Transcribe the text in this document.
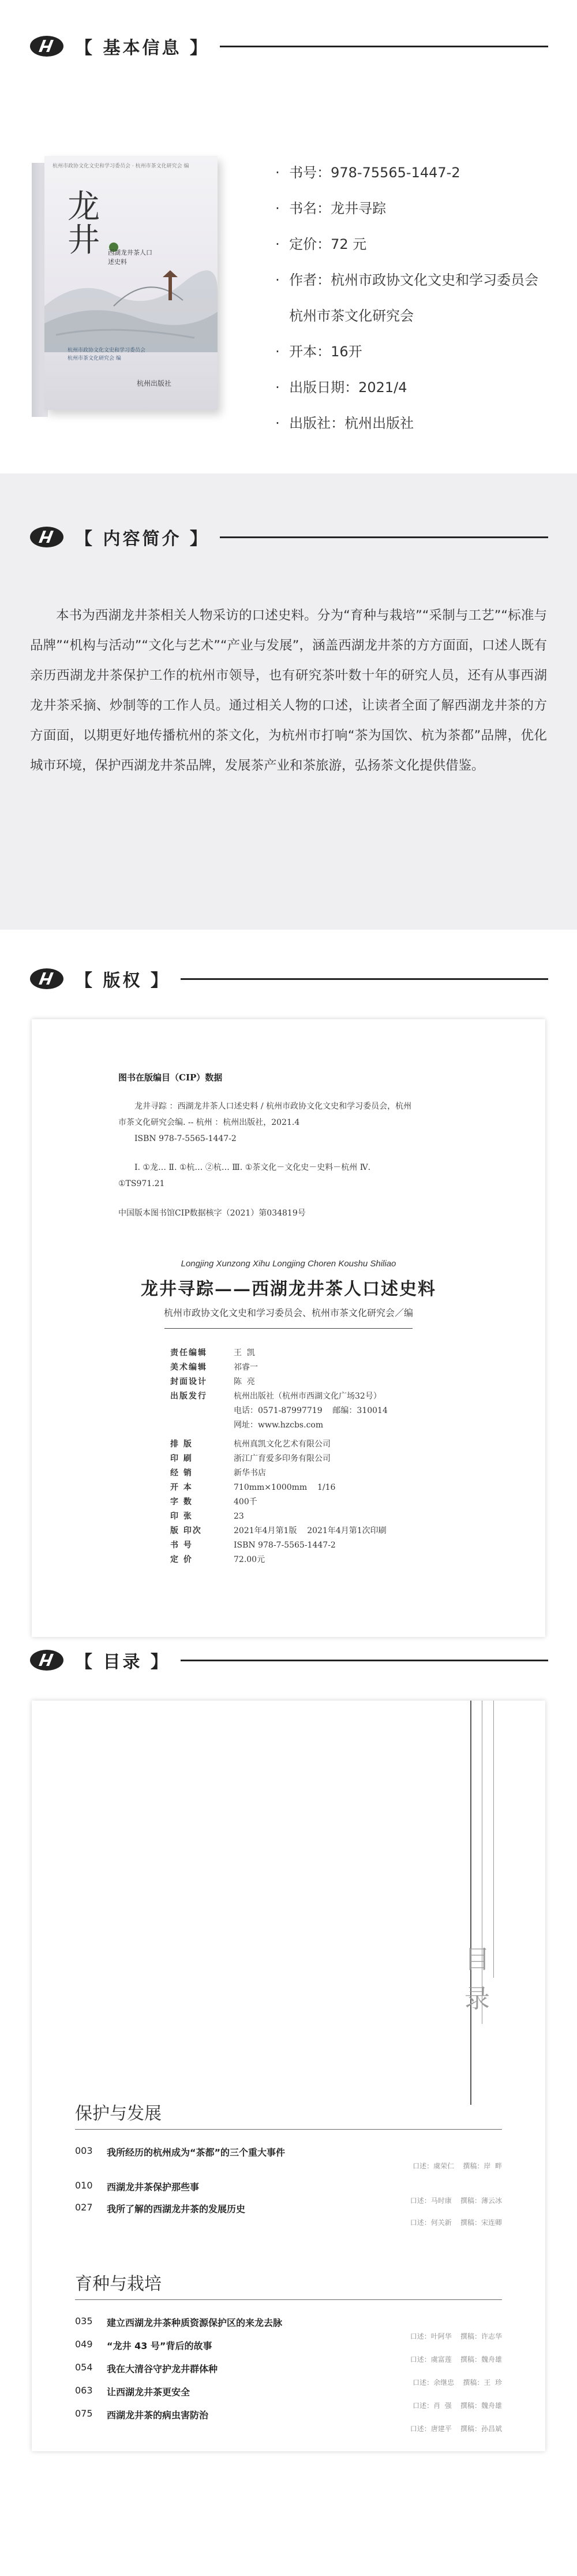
【 基本信息 】
杭州市政协文化文史和学习委员会 · 杭州市茶文化研究会 编
龙井	西湖龙井茶人口述史料
杭州市政协文化文史和学习委员会 杭州市茶文化研究会 编
杭州出版社
· 书号：978-75565-1447-2
· 书名：龙井寻踪
· 定价：72 元
· 作者：杭州市政协文化文史和学习委员会 杭州市茶文化研究会
· 开本：16开
· 出版日期：2021/4
· 出版社：杭州出版社
【 内容简介 】

本书为西湖龙井茶相关人物采访的口述史料。分为“育种与栽培”“采制与工艺”“标准与品牌”“机构与活动”“文化与艺术”“产业与发展”，涵盖西湖龙井茶的方方面面，口述人既有亲历西湖龙井茶保护工作的杭州市领导，也有研究茶叶数十年的研究人员，还有从事西湖龙井茶采摘、炒制等的工作人员。通过相关人物的口述，让读者全面了解西湖龙井茶的方方面面，以期更好地传播杭州的茶文化，为杭州市打响“茶为国饮、杭为茶都”品牌，优化城市环境，保护西湖龙井茶品牌，发展茶产业和茶旅游，弘扬茶文化提供借鉴。

【 版权 】
图书在版编目（CIP）数据
龙井寻踪 ：西湖龙井茶人口述史料 / 杭州市政协文化文史和学习委员会，杭州市茶文化研究会编. -- 杭州 ：杭州出版社，2021.4
ISBN 978-7-5565-1447-2
Ⅰ. ①龙… Ⅱ. ①杭… ②杭… Ⅲ. ①茶文化－文化史－史料－杭州 Ⅳ. ①TS971.21
中国版本图书馆CIP数据核字（2021）第034819号
Longjing Xunzong Xihu Longjing Choren Koushu Shiliao
龙井寻踪——西湖龙井茶人口述史料
杭州市政协文化文史和学习委员会、杭州市茶文化研究会／编
责任编辑	王  凯
美术编辑	祁睿一
封面设计	陈  亮
出版发行	杭州出版社（杭州市西湖文化广场32号）
电话：0571-87997719    邮编：310014
网址：www.hzcbs.com
排 版	杭州真凯文化艺术有限公司
印 刷	浙江广育爱多印务有限公司
经 销	新华书店
开 本	710mm×1000mm    1/16
字 数	400千
印 张	23
版 印次	2021年4月第1版    2021年4月第1次印刷
书 号	ISBN 978-7-5565-1447-2
定 价	72.00元
【 目录 】
目录
保护与发展
003	我所经历的杭州成为“茶都”的三个重大事件
口述：虞荣仁    撰稿：岸  畔
010	西湖龙井茶保护那些事
口述：马时康    撰稿：薄云冰
027	我所了解的西湖龙井茶的发展历史
口述：何关新    撰稿：宋连卿
育种与栽培
035	建立西湖龙井茶种质资源保护区的来龙去脉
口述：叶阿华    撰稿：许志华
049	“龙井 43 号”背后的故事
口述：虞富莲    撰稿：魏舟雄
054	我在大清谷守护龙井群体种
口述：余继忠    撰稿：王  珍
063	让西湖龙井茶更安全
口述：肖  强    撰稿：魏舟雄
075	西湖龙井茶的病虫害防治
口述：唐建平    撰稿：孙昌斌
